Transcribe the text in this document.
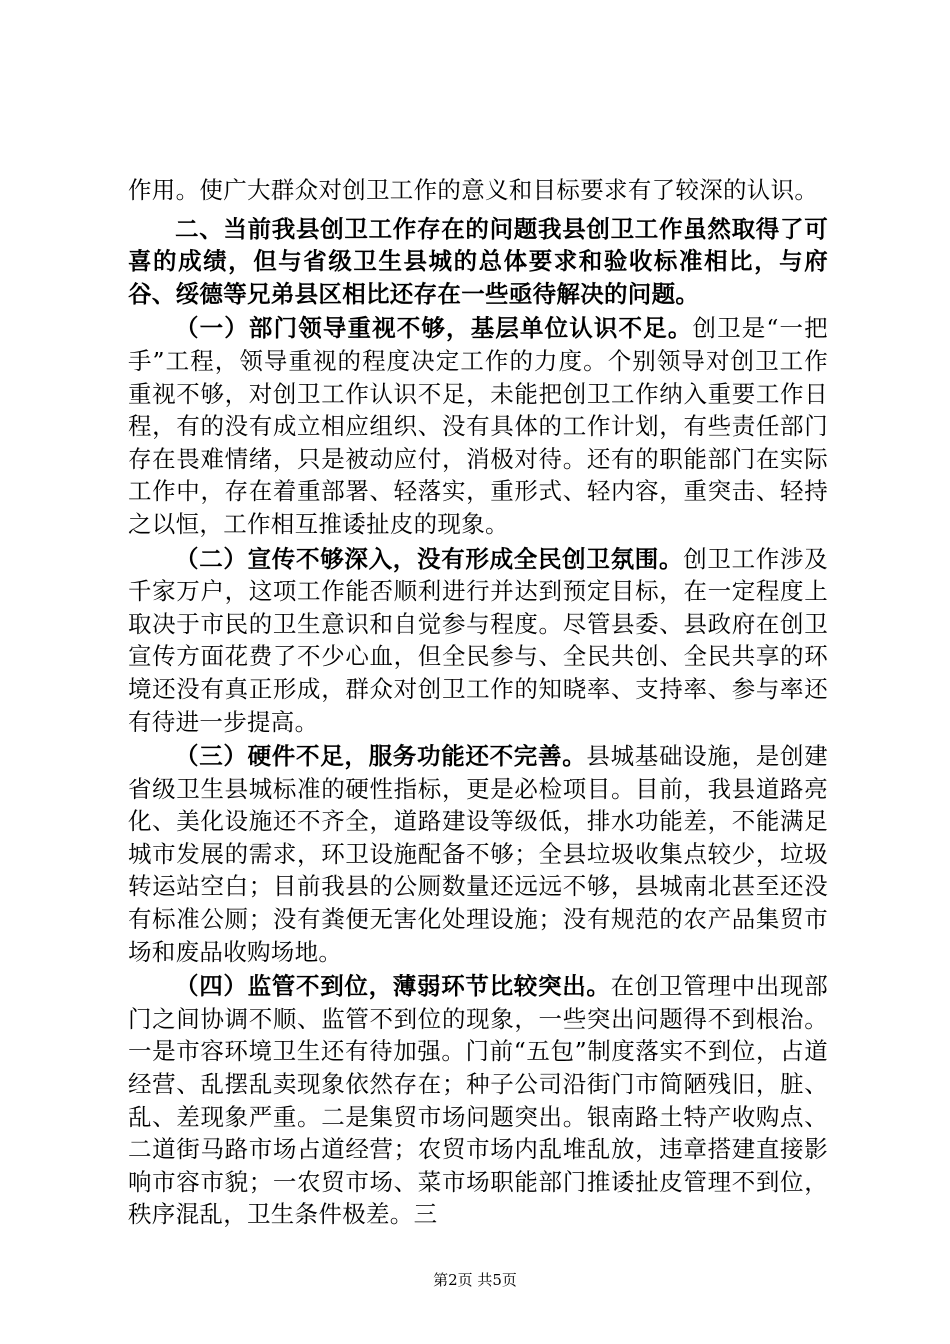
作用。使广大群众对创卫工作的意义和目标要求有了较深的认识。

二、当前我县创卫工作存在的问题我县创卫工作虽然取得了可喜的成绩，但与省级卫生县城的总体要求和验收标准相比，与府谷、绥德等兄弟县区相比还存在一些亟待解决的问题。

（一）部门领导重视不够，基层单位认识不足。创卫是“一把手”工程，领导重视的程度决定工作的力度。个别领导对创卫工作重视不够，对创卫工作认识不足，未能把创卫工作纳入重要工作日程，有的没有成立相应组织、没有具体的工作计划，有些责任部门存在畏难情绪，只是被动应付，消极对待。还有的职能部门在实际工作中，存在着重部署、轻落实，重形式、轻内容，重突击、轻持之以恒，工作相互推诿扯皮的现象。

（二）宣传不够深入，没有形成全民创卫氛围。创卫工作涉及千家万户，这项工作能否顺利进行并达到预定目标，在一定程度上取决于市民的卫生意识和自觉参与程度。尽管县委、县政府在创卫宣传方面花费了不少心血，但全民参与、全民共创、全民共享的环境还没有真正形成，群众对创卫工作的知晓率、支持率、参与率还有待进一步提高。

（三）硬件不足，服务功能还不完善。县城基础设施，是创建省级卫生县城标准的硬性指标，更是必检项目。目前，我县道路亮化、美化设施还不齐全，道路建设等级低，排水功能差，不能满足城市发展的需求，环卫设施配备不够；全县垃圾收集点较少，垃圾转运站空白；目前我县的公厕数量还远远不够，县城南北甚至还没有标准公厕；没有粪便无害化处理设施；没有规范的农产品集贸市场和废品收购场地。

（四）监管不到位，薄弱环节比较突出。在创卫管理中出现部门之间协调不顺、监管不到位的现象，一些突出问题得不到根治。一是市容环境卫生还有待加强。门前“五包”制度落实不到位，占道经营、乱摆乱卖现象依然存在；种子公司沿街门市简陋残旧，脏、乱、差现象严重。二是集贸市场问题突出。银南路土特产收购点、二道街马路市场占道经营；农贸市场内乱堆乱放，违章搭建直接影响市容市貌；一农贸市场、菜市场职能部门推诿扯皮管理不到位，秩序混乱，卫生条件极差。三

第2页 共5页
